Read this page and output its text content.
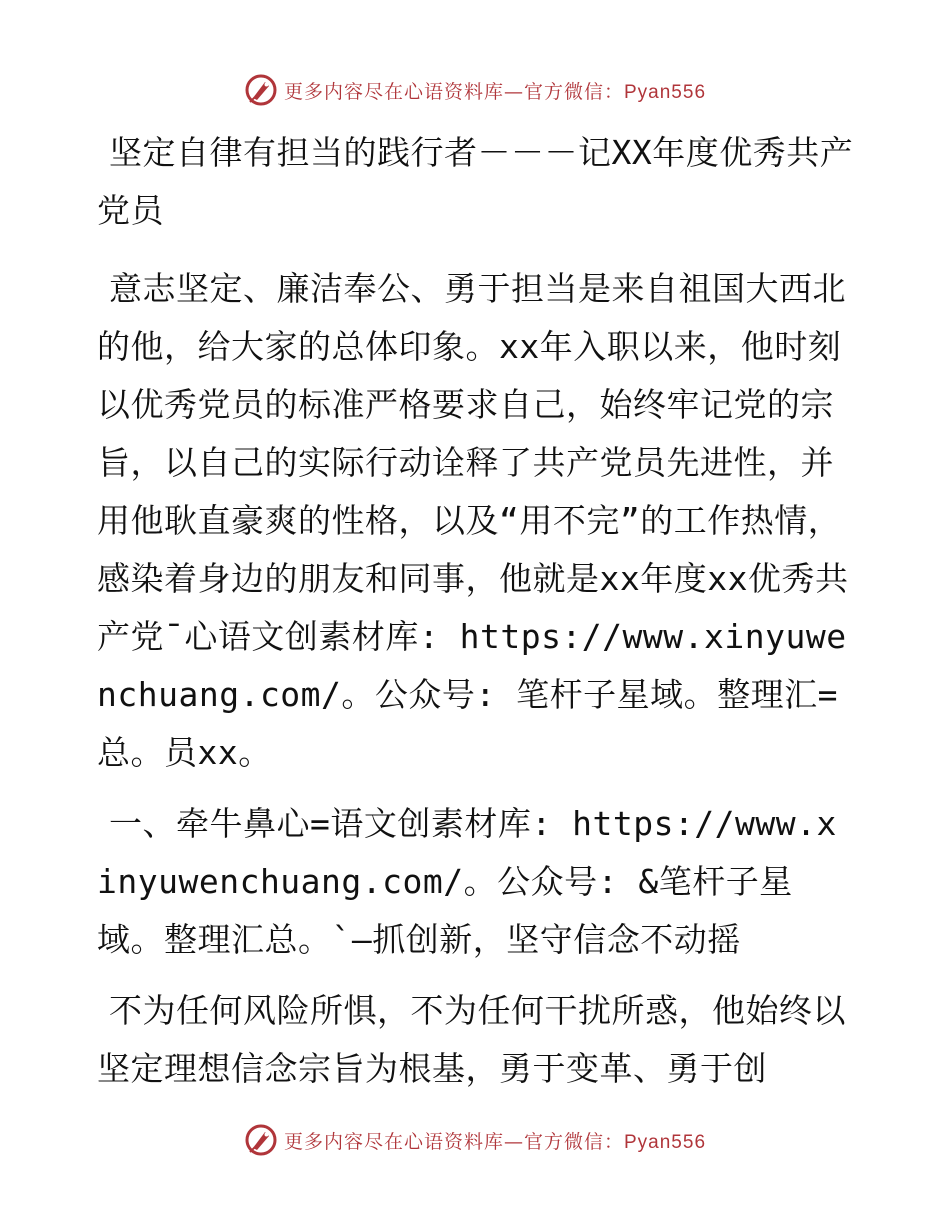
更多内容尽在心语资料库—官方微信：Pyan556

坚定自律有担当的践行者－－－记XX年度优秀共产党员

意志坚定、廉洁奉公、勇于担当是来自祖国大西北的他，给大家的总体印象。xx年入职以来，他时刻以优秀党员的标准严格要求自己，始终牢记党的宗旨，以自己的实际行动诠释了共产党员先进性，并用他耿直豪爽的性格，以及“用不完”的工作热情，感染着身边的朋友和同事，他就是xx年度xx优秀共产党¯心语文创素材库: https://www.xinyuwenchuang.com/。公众号: 笔杆子星域。整理汇=总。员xx。

一、牵牛鼻心=语文创素材库: https://www.xinyuwenchuang.com/。公众号: &笔杆子星域。整理汇总。`—抓创新，坚守信念不动摇

不为任何风险所惧，不为任何干扰所惑，他始终以坚定理想信念宗旨为根基，勇于变革、勇于创

更多内容尽在心语资料库—官方微信：Pyan556
